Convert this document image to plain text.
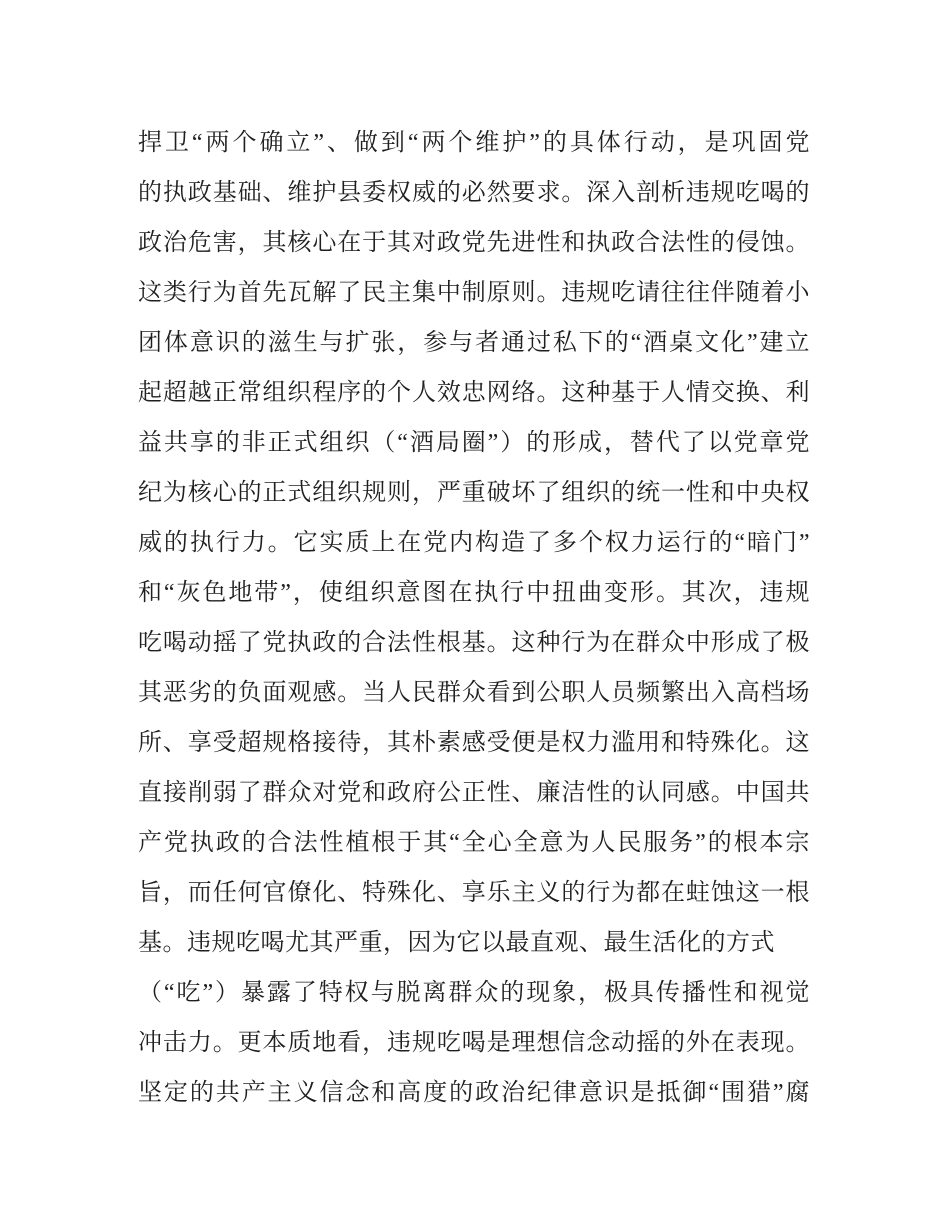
捍卫“两个确立”、做到“两个维护”的具体行动，是巩固党
的执政基础、维护县委权威的必然要求。深入剖析违规吃喝的
政治危害，其核心在于其对政党先进性和执政合法性的侵蚀。
这类行为首先瓦解了民主集中制原则。违规吃请往往伴随着小
团体意识的滋生与扩张，参与者通过私下的“酒桌文化”建立
起超越正常组织程序的个人效忠网络。这种基于人情交换、利
益共享的非正式组织（“酒局圈”）的形成，替代了以党章党
纪为核心的正式组织规则，严重破坏了组织的统一性和中央权
威的执行力。它实质上在党内构造了多个权力运行的“暗门”
和“灰色地带”，使组织意图在执行中扭曲变形。其次，违规
吃喝动摇了党执政的合法性根基。这种行为在群众中形成了极
其恶劣的负面观感。当人民群众看到公职人员频繁出入高档场
所、享受超规格接待，其朴素感受便是权力滥用和特殊化。这
直接削弱了群众对党和政府公正性、廉洁性的认同感。中国共
产党执政的合法性植根于其“全心全意为人民服务”的根本宗
旨，而任何官僚化、特殊化、享乐主义的行为都在蛀蚀这一根
基。违规吃喝尤其严重，因为它以最直观、最生活化的方式
（“吃”）暴露了特权与脱离群众的现象，极具传播性和视觉
冲击力。更本质地看，违规吃喝是理想信念动摇的外在表现。
坚定的共产主义信念和高度的政治纪律意识是抵御“围猎”腐
